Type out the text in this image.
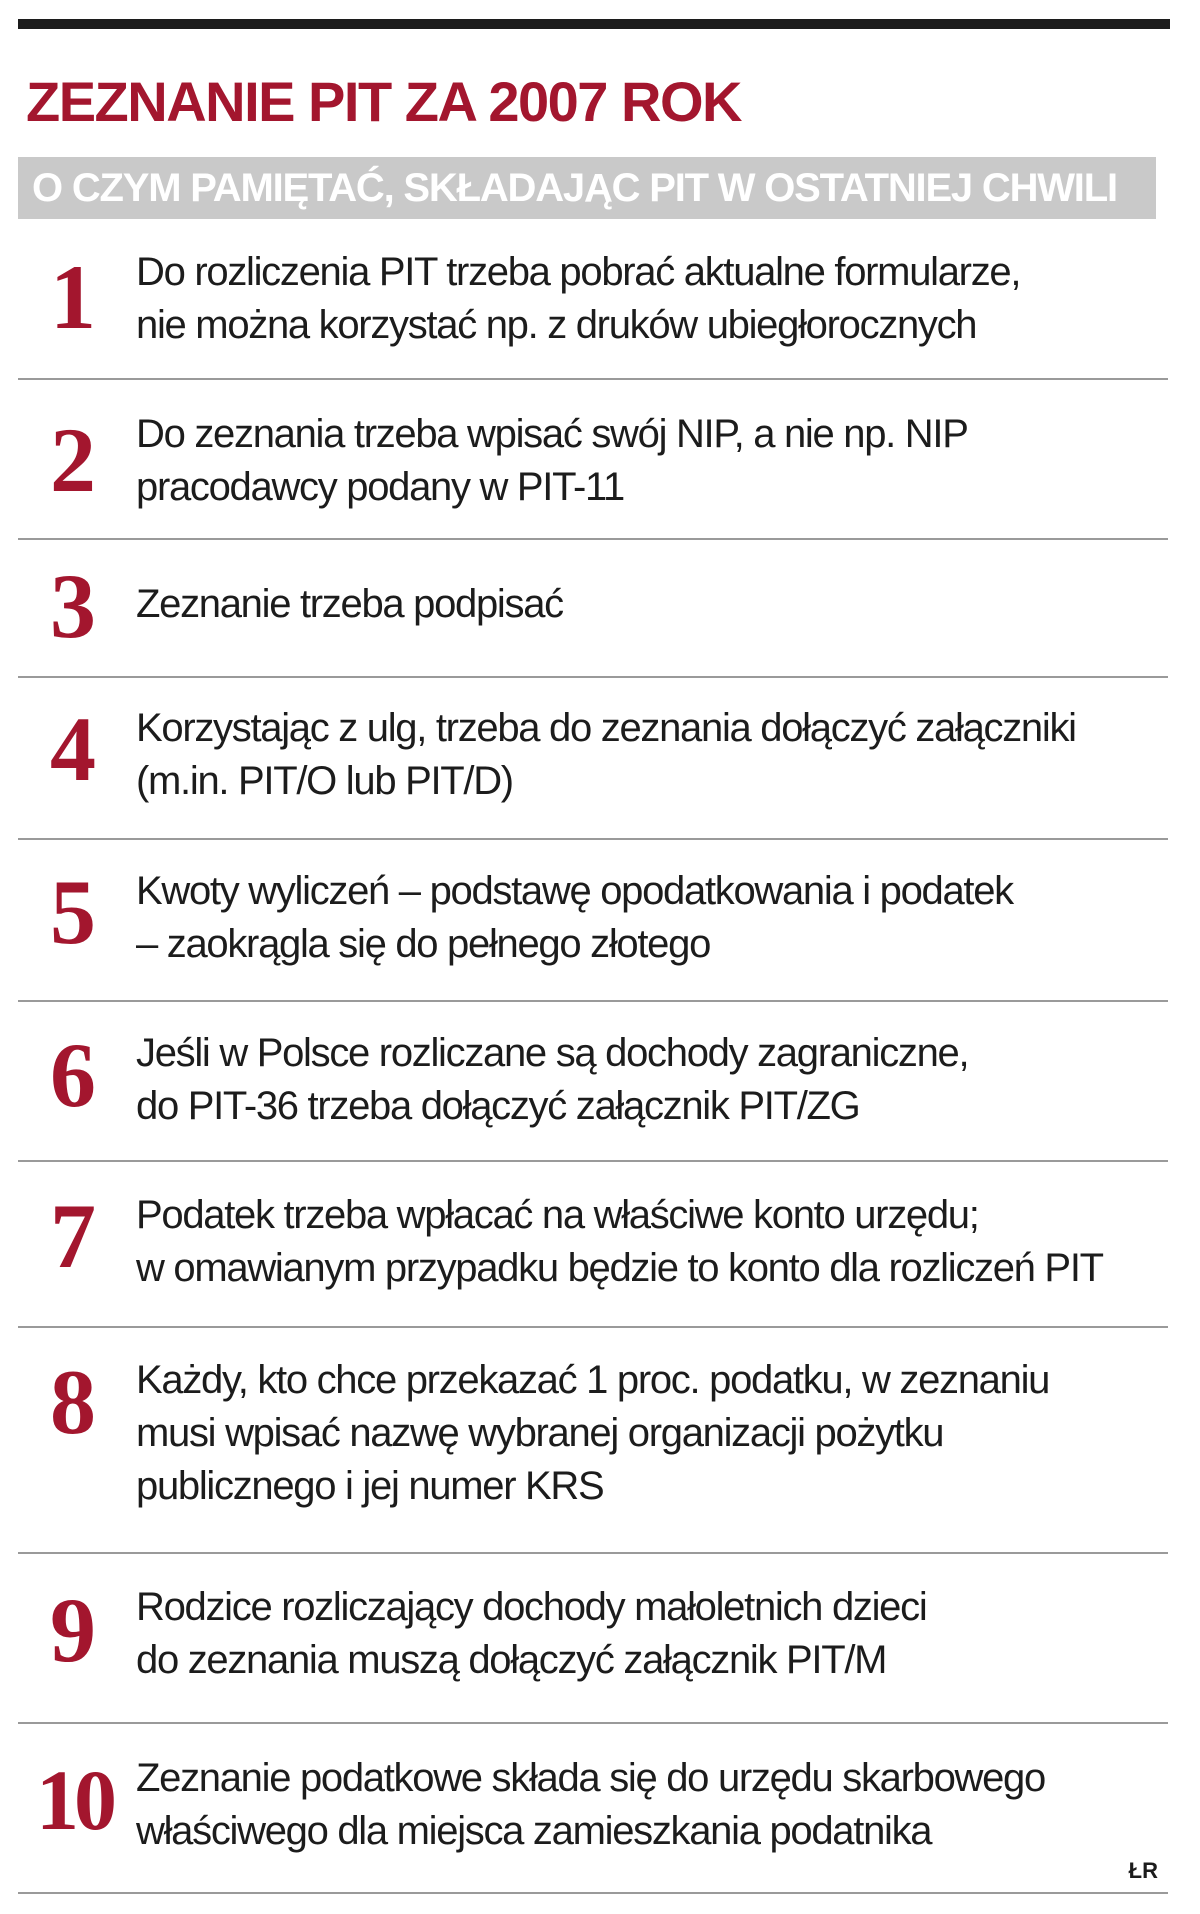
ZEZNANIE PIT ZA 2007 ROK
O CZYM PAMIĘTAĆ, SKŁADAJĄC PIT W OSTATNIEJ CHWILI
1	Do rozliczenia PIT trzeba pobrać aktualne formularze,
nie można korzystać np. z druków ubiegłorocznych
2	Do zeznania trzeba wpisać swój NIP, a nie np. NIP
pracodawcy podany w PIT-11
3	Zeznanie trzeba podpisać
4	Korzystając z ulg, trzeba do zeznania dołączyć załączniki
(m.in. PIT/O lub PIT/D)
5	Kwoty wyliczeń – podstawę opodatkowania i podatek
– zaokrągla się do pełnego złotego
6	Jeśli w Polsce rozliczane są dochody zagraniczne,
do PIT-36 trzeba dołączyć załącznik PIT/ZG
7	Podatek trzeba wpłacać na właściwe konto urzędu;
w omawianym przypadku będzie to konto dla rozliczeń PIT
8	Każdy, kto chce przekazać 1 proc. podatku, w zeznaniu
musi wpisać nazwę wybranej organizacji pożytku
publicznego i jej numer KRS
9	Rodzice rozliczający dochody małoletnich dzieci
do zeznania muszą dołączyć załącznik PIT/M
10 Zeznanie podatkowe składa się do urzędu skarbowego
właściwego dla miejsca zamieszkania podatnika
ŁR
